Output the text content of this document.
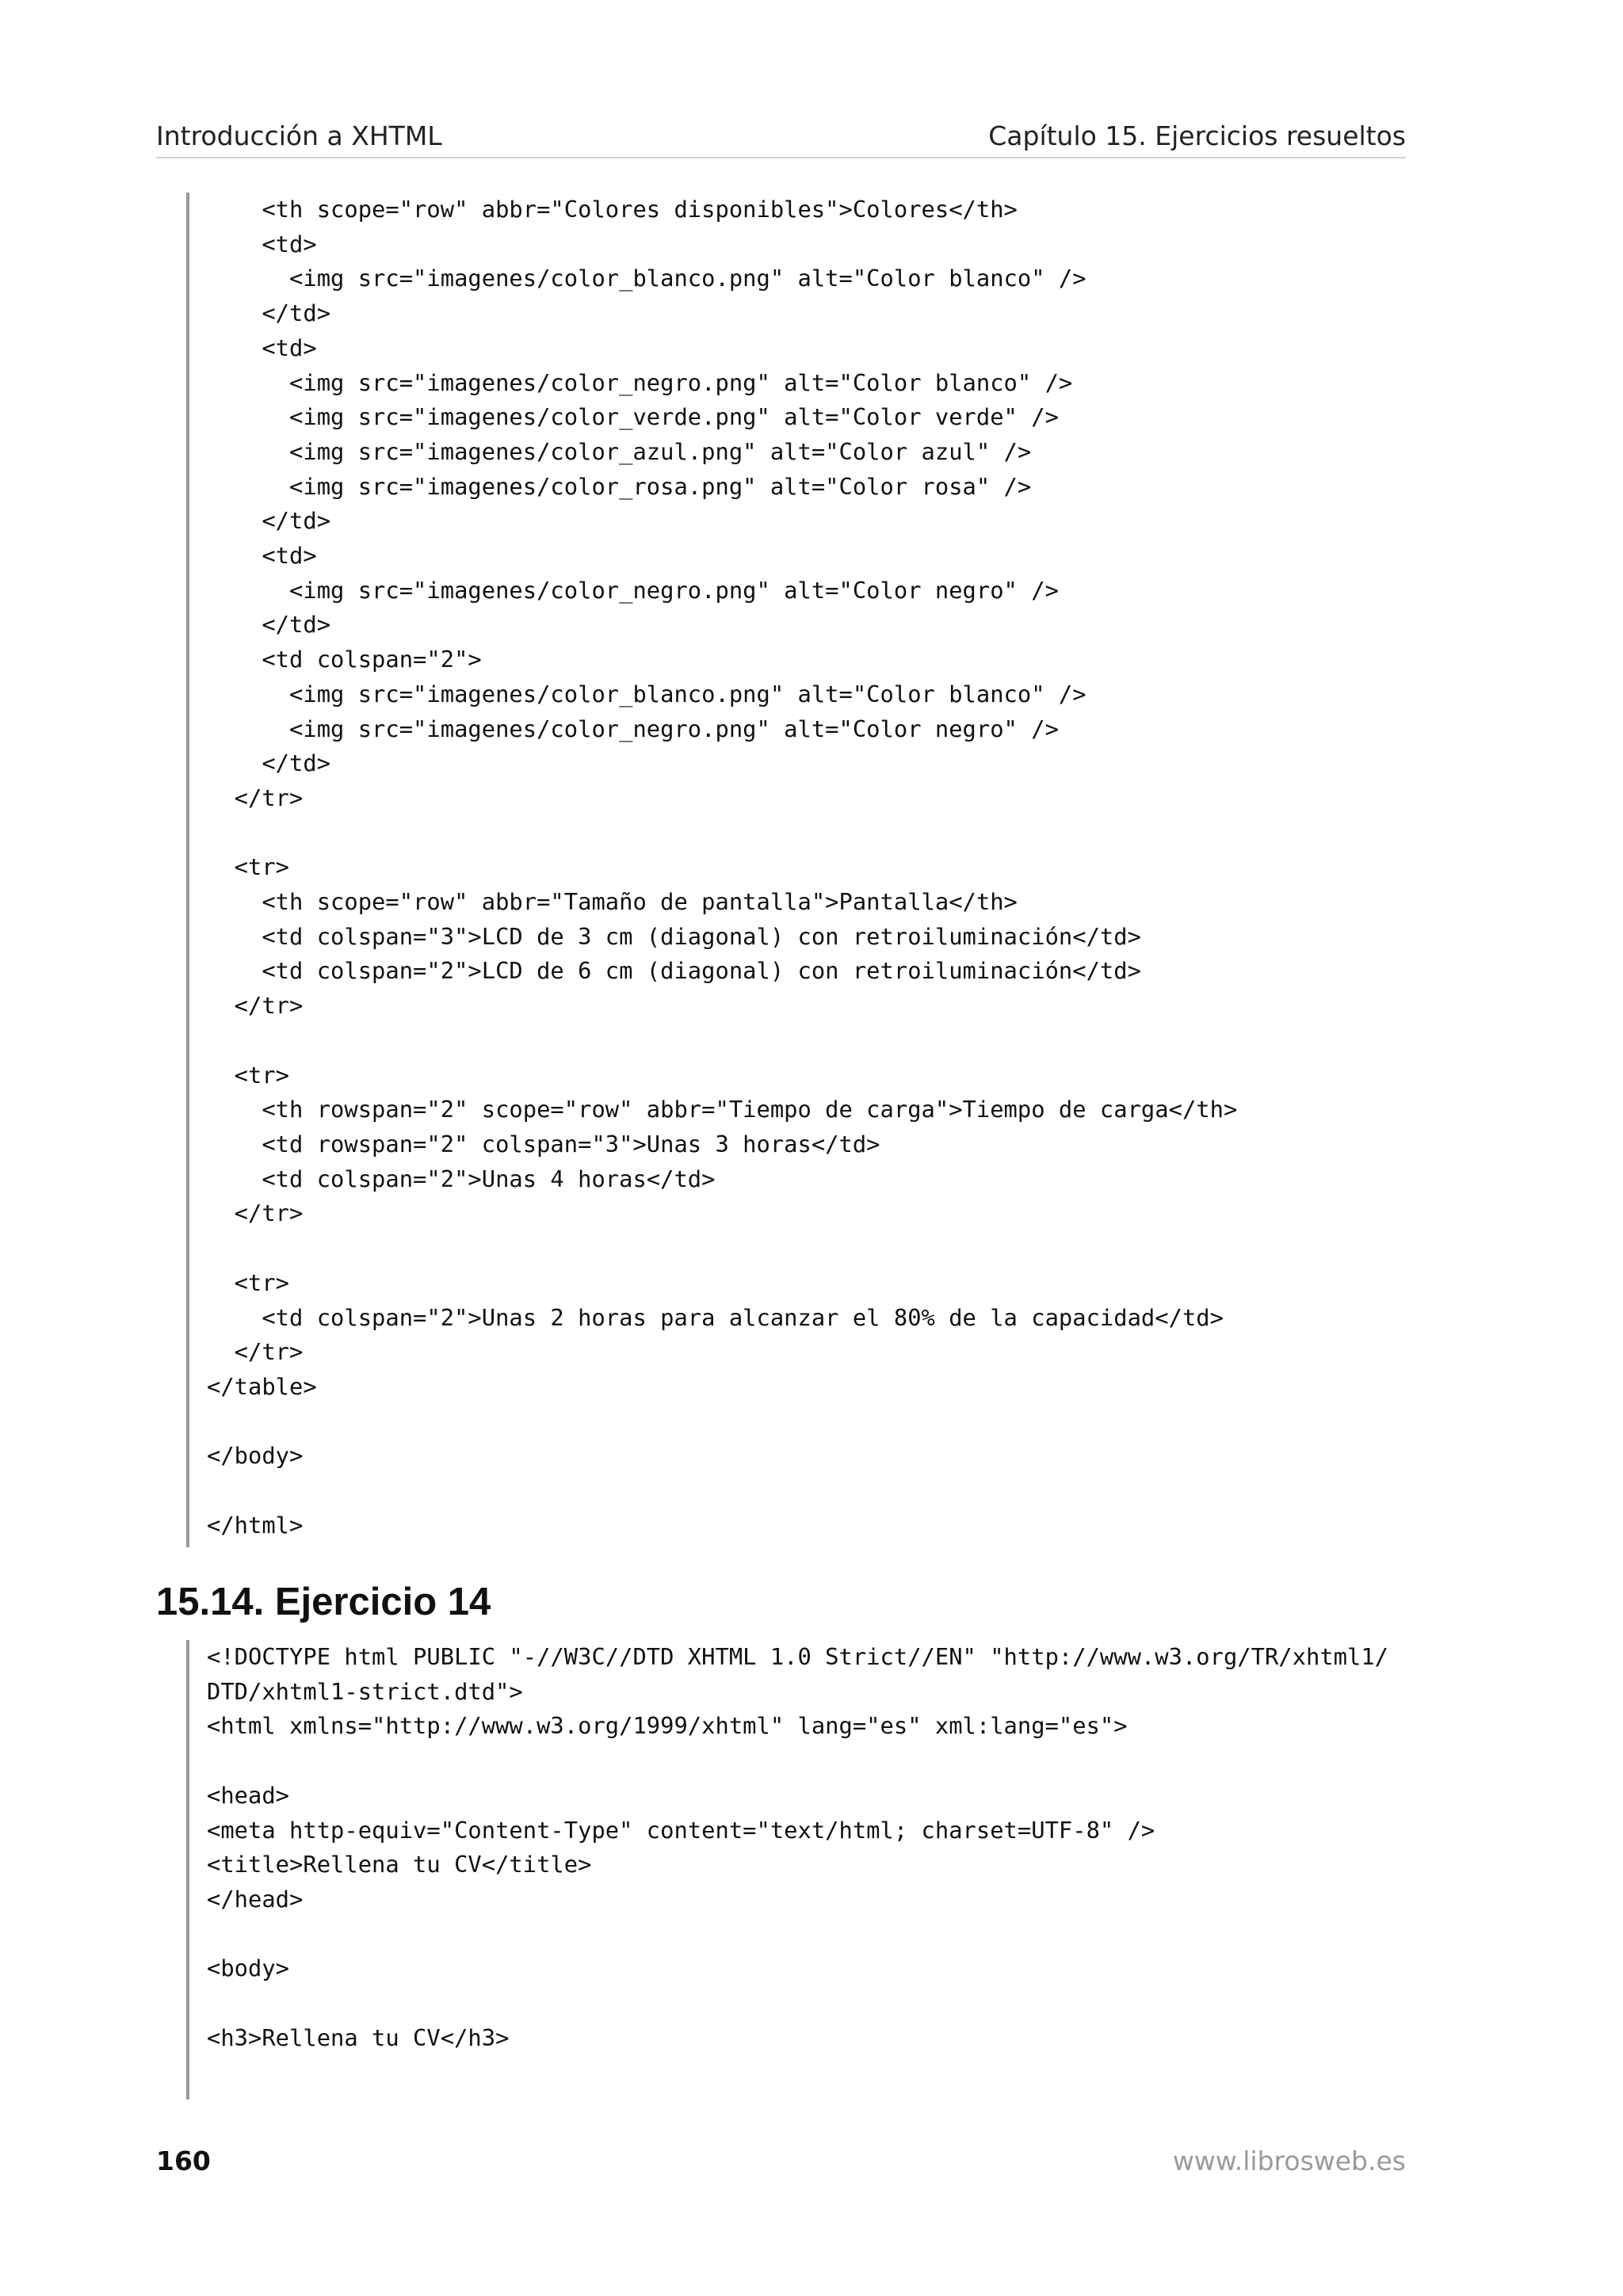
Introducción a XHTML	Capítulo 15. Ejercicios resueltos
<th scope="row" abbr="Colores disponibles">Colores</th>
<td>
<img src="imagenes/color_blanco.png" alt="Color blanco" />
</td>
<td>
<img src="imagenes/color_negro.png" alt="Color blanco" />
<img src="imagenes/color_verde.png" alt="Color verde" />
<img src="imagenes/color_azul.png" alt="Color azul" />
<img src="imagenes/color_rosa.png" alt="Color rosa" />
</td>
<td>
<img src="imagenes/color_negro.png" alt="Color negro" />
</td>
<td colspan="2">
<img src="imagenes/color_blanco.png" alt="Color blanco" />
<img src="imagenes/color_negro.png" alt="Color negro" />
</td>
</tr>

<tr>
<th scope="row" abbr="Tamaño de pantalla">Pantalla</th>
<td colspan="3">LCD de 3 cm (diagonal) con retroiluminación</td>
<td colspan="2">LCD de 6 cm (diagonal) con retroiluminación</td>
</tr>

<tr>
<th rowspan="2" scope="row" abbr="Tiempo de carga">Tiempo de carga</th>
<td rowspan="2" colspan="3">Unas 3 horas</td>
<td colspan="2">Unas 4 horas</td>
</tr>

<tr>
<td colspan="2">Unas 2 horas para alcanzar el 80% de la capacidad</td>
</tr>
</table>

</body>

</html>

15.14. Ejercicio 14
<!DOCTYPE html PUBLIC "-//W3C//DTD XHTML 1.0 Strict//EN" "http://www.w3.org/TR/xhtml1/
DTD/xhtml1-strict.dtd">
<html xmlns="http://www.w3.org/1999/xhtml" lang="es" xml:lang="es">

<head>
<meta http-equiv="Content-Type" content="text/html; charset=UTF-8" />
<title>Rellena tu CV</title>
</head>

<body>

<h3>Rellena tu CV</h3>

160	www.librosweb.es
